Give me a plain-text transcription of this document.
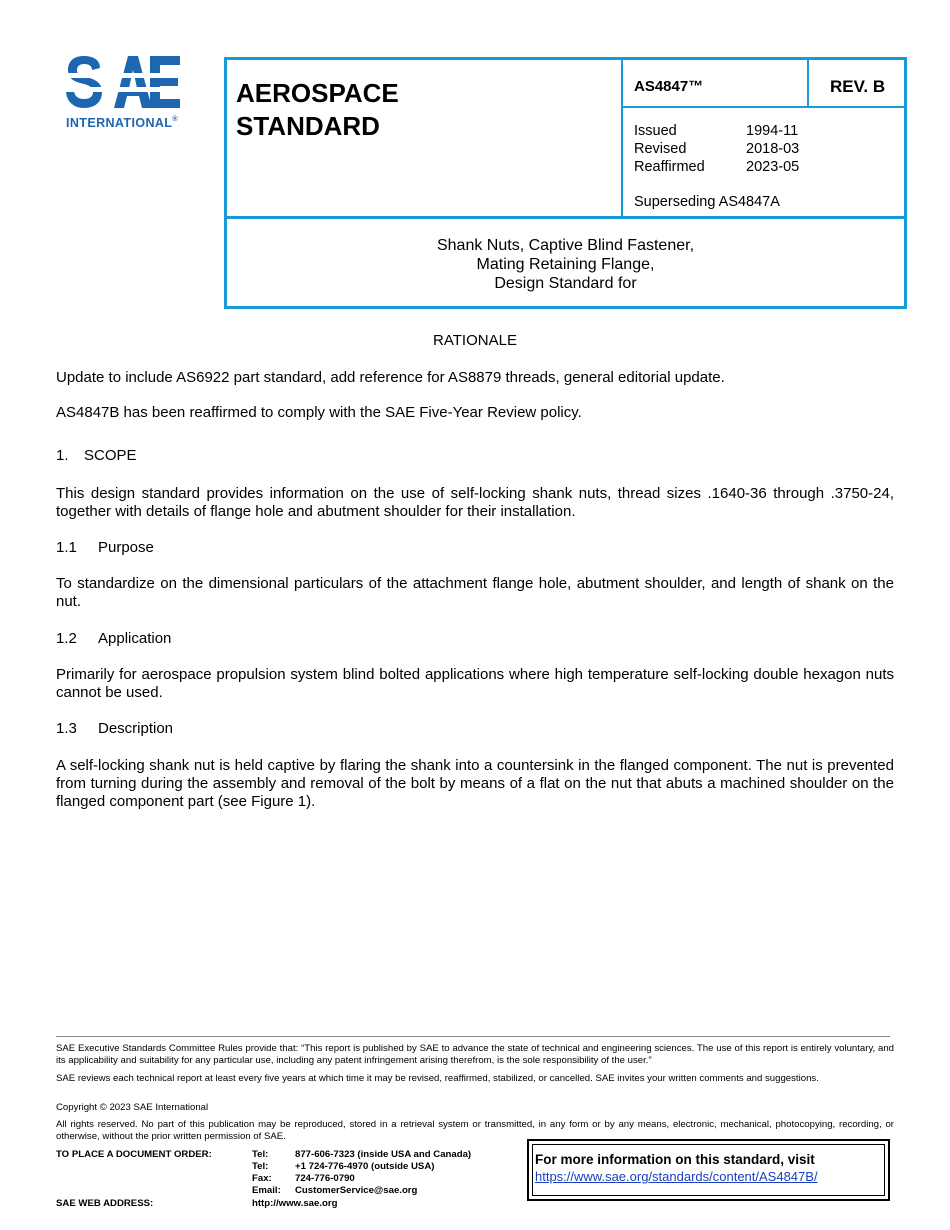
INTERNATIONAL®
AEROSPACE
STANDARD
AS4847™	REV. B
Issued
Revised
Reaffirmed
1994-11
2018-03
2023-05
Superseding AS4847A
Shank Nuts, Captive Blind Fastener,
Mating Retaining Flange,
Design Standard for
RATIONALE
Update to include AS6922 part standard, add reference for AS8879 threads, general editorial update.
AS4847B has been reaffirmed to comply with the SAE Five-Year Review policy.
1. SCOPE
This design standard provides information on the use of self-locking shank nuts, thread sizes .1640-36 through .3750-24, together with details of flange hole and abutment shoulder for their installation.
1.1 Purpose
To standardize on the dimensional particulars of the attachment flange hole, abutment shoulder, and length of shank on the nut.
1.2 Application
Primarily for aerospace propulsion system blind bolted applications where high temperature self-locking double hexagon nuts cannot be used.
1.3 Description
A self-locking shank nut is held captive by flaring the shank into a countersink in the flanged component. The nut is prevented from turning during the assembly and removal of the bolt by means of a flat on the nut that abuts a machined shoulder on the flanged component part (see Figure 1).
SAE Executive Standards Committee Rules provide that: “This report is published by SAE to advance the state of technical and engineering sciences. The use of this report is entirely voluntary, and its applicability and suitability for any particular use, including any patent infringement arising therefrom, is the sole responsibility of the user.”
SAE reviews each technical report at least every five years at which time it may be revised, reaffirmed, stabilized, or cancelled. SAE invites your written comments and suggestions.
Copyright © 2023 SAE International
All rights reserved. No part of this publication may be reproduced, stored in a retrieval system or transmitted, in any form or by any means, electronic, mechanical, photocopying, recording, or otherwise, without the prior written permission of SAE.
TO PLACE A DOCUMENT ORDER:
SAE WEB ADDRESS:
Tel:
Tel:
Fax:
Email:
877-606-7323 (inside USA and Canada)
+1 724-776-4970 (outside USA)
724-776-0790
CustomerService@sae.org
http://www.sae.org
For more information on this standard, visit
https://www.sae.org/standards/content/AS4847B/
